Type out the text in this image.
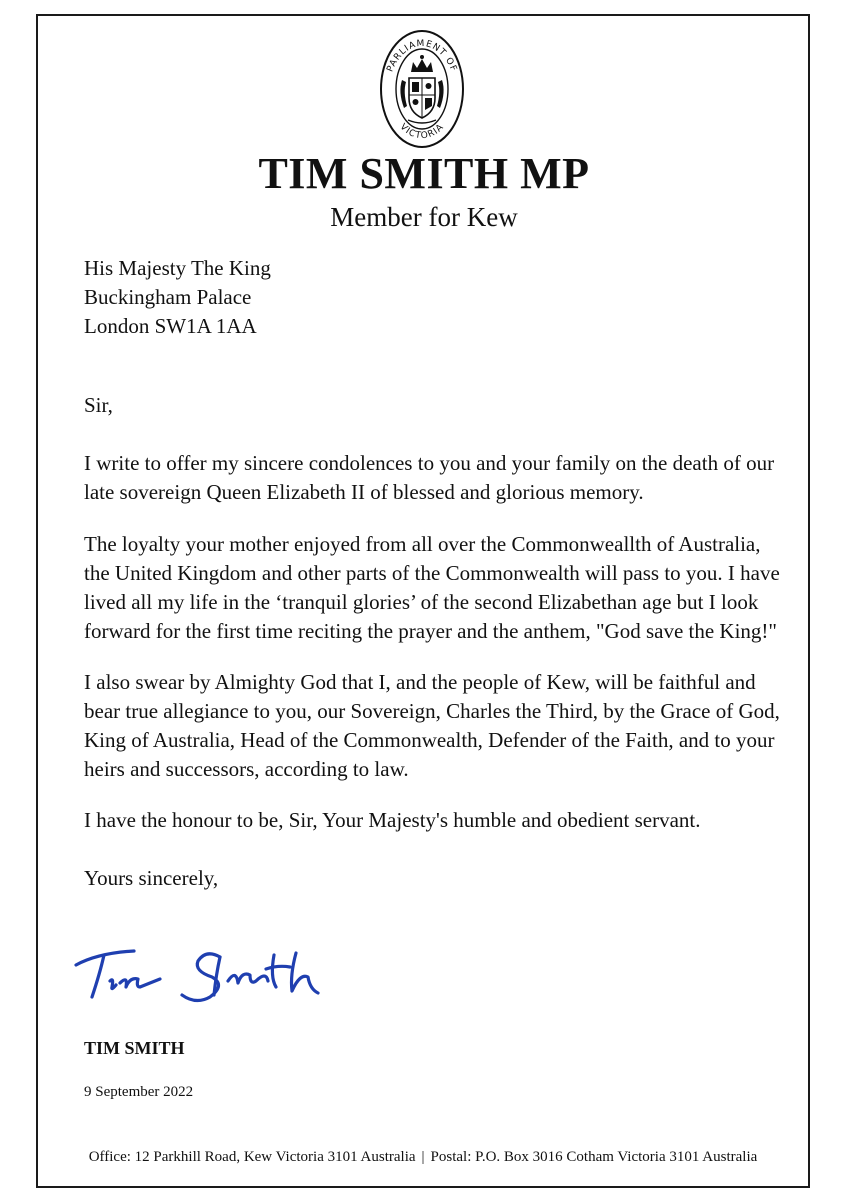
PARLIAMENT OF
VICTORIA
TIM SMITH MP
Member for Kew
His Majesty The King
Buckingham Palace
London SW1A 1AA
Sir,

I write to offer my sincere condolences to you and your family on the death of our late sovereign Queen Elizabeth II of blessed and glorious memory.

The loyalty your mother enjoyed from all over the Commonweallth of Australia, the United Kingdom and other parts of the Commonwealth will pass to you. I have lived all my life in the ‘tranquil glories’ of the second Elizabethan age but I look forward for the first time reciting the prayer and the anthem, "God save the King!"

I also swear by Almighty God that I, and the people of Kew, will be faithful and bear true allegiance to you, our Sovereign, Charles the Third, by the Grace of God, King of Australia, Head of the Commonwealth, Defender of the Faith, and to your heirs and successors, according to law.

I have the honour to be, Sir, Your Majesty's humble and obedient servant.

Yours sincerely,
TIM SMITH
9 September 2022
Office: 12 Parkhill Road, Kew Victoria 3101 Australia | Postal: P.O. Box 3016 Cotham Victoria 3101 Australia
